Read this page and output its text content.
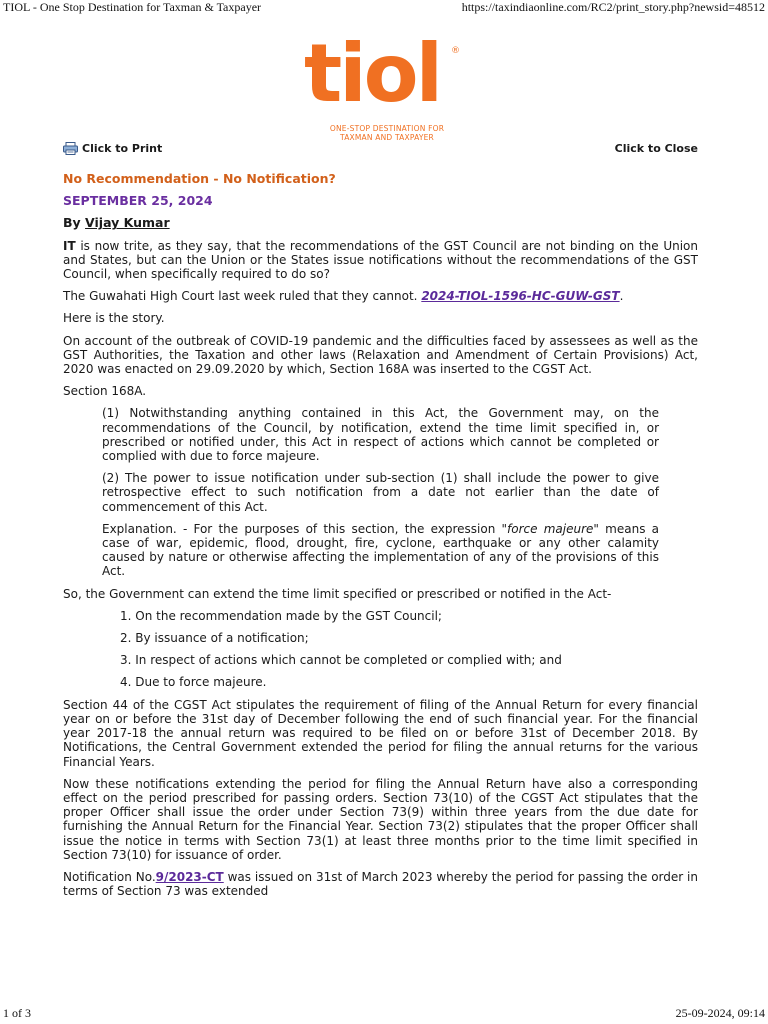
TIOL - One Stop Destination for Taxman & Taxpayer	https://taxindiaonline.com/RC2/print_story.php?newsid=48512
tiol ®
ONE-STOP DESTINATION FOR
TAXMAN AND TAXPAYER
Click to Print	Click to Close

No Recommendation - No Notification?

SEPTEMBER 25, 2024

By Vijay Kumar

IT is now trite, as they say, that the recommendations of the GST Council are not binding on the Union and States, but can the Union or the States issue notifications without the recommendations of the GST Council, when specifically required to do so?

The Guwahati High Court last week ruled that they cannot. 2024-TIOL-1596-HC-GUW-GST.

Here is the story.

On account of the outbreak of COVID-19 pandemic and the difficulties faced by assessees as well as the GST Authorities, the Taxation and other laws (Relaxation and Amendment of Certain Provisions) Act, 2020 was enacted on 29.09.2020 by which, Section 168A was inserted to the CGST Act.

Section 168A.

(1) Notwithstanding anything contained in this Act, the Government may, on the recommendations of the Council, by notification, extend the time limit specified in, or prescribed or notified under, this Act in respect of actions which cannot be completed or complied with due to force majeure.

(2) The power to issue notification under sub-section (1) shall include the power to give retrospective effect to such notification from a date not earlier than the date of commencement of this Act.

Explanation. - For the purposes of this section, the expression "force majeure" means a case of war, epidemic, flood, drought, fire, cyclone, earthquake or any other calamity caused by nature or otherwise affecting the implementation of any of the provisions of this Act.

So, the Government can extend the time limit specified or prescribed or notified in the Act-

1. On the recommendation made by the GST Council;
2. By issuance of a notification;
3. In respect of actions which cannot be completed or complied with; and
4. Due to force majeure.

Section 44 of the CGST Act stipulates the requirement of filing of the Annual Return for every financial year on or before the 31st day of December following the end of such financial year. For the financial year 2017-18 the annual return was required to be filed on or before 31st of December 2018. By Notifications, the Central Government extended the period for filing the annual returns for the various Financial Years.

Now these notifications extending the period for filing the Annual Return have also a corresponding effect on the period prescribed for passing orders. Section 73(10) of the CGST Act stipulates that the proper Officer shall issue the order under Section 73(9) within three years from the due date for furnishing the Annual Return for the Financial Year. Section 73(2) stipulates that the proper Officer shall issue the notice in terms with Section 73(1) at least three months prior to the time limit specified in Section 73(10) for issuance of order.

Notification No.9/2023-CT was issued on 31st of March 2023 whereby the period for passing the order in terms of Section 73 was extended

1 of 3	25-09-2024, 09:14
